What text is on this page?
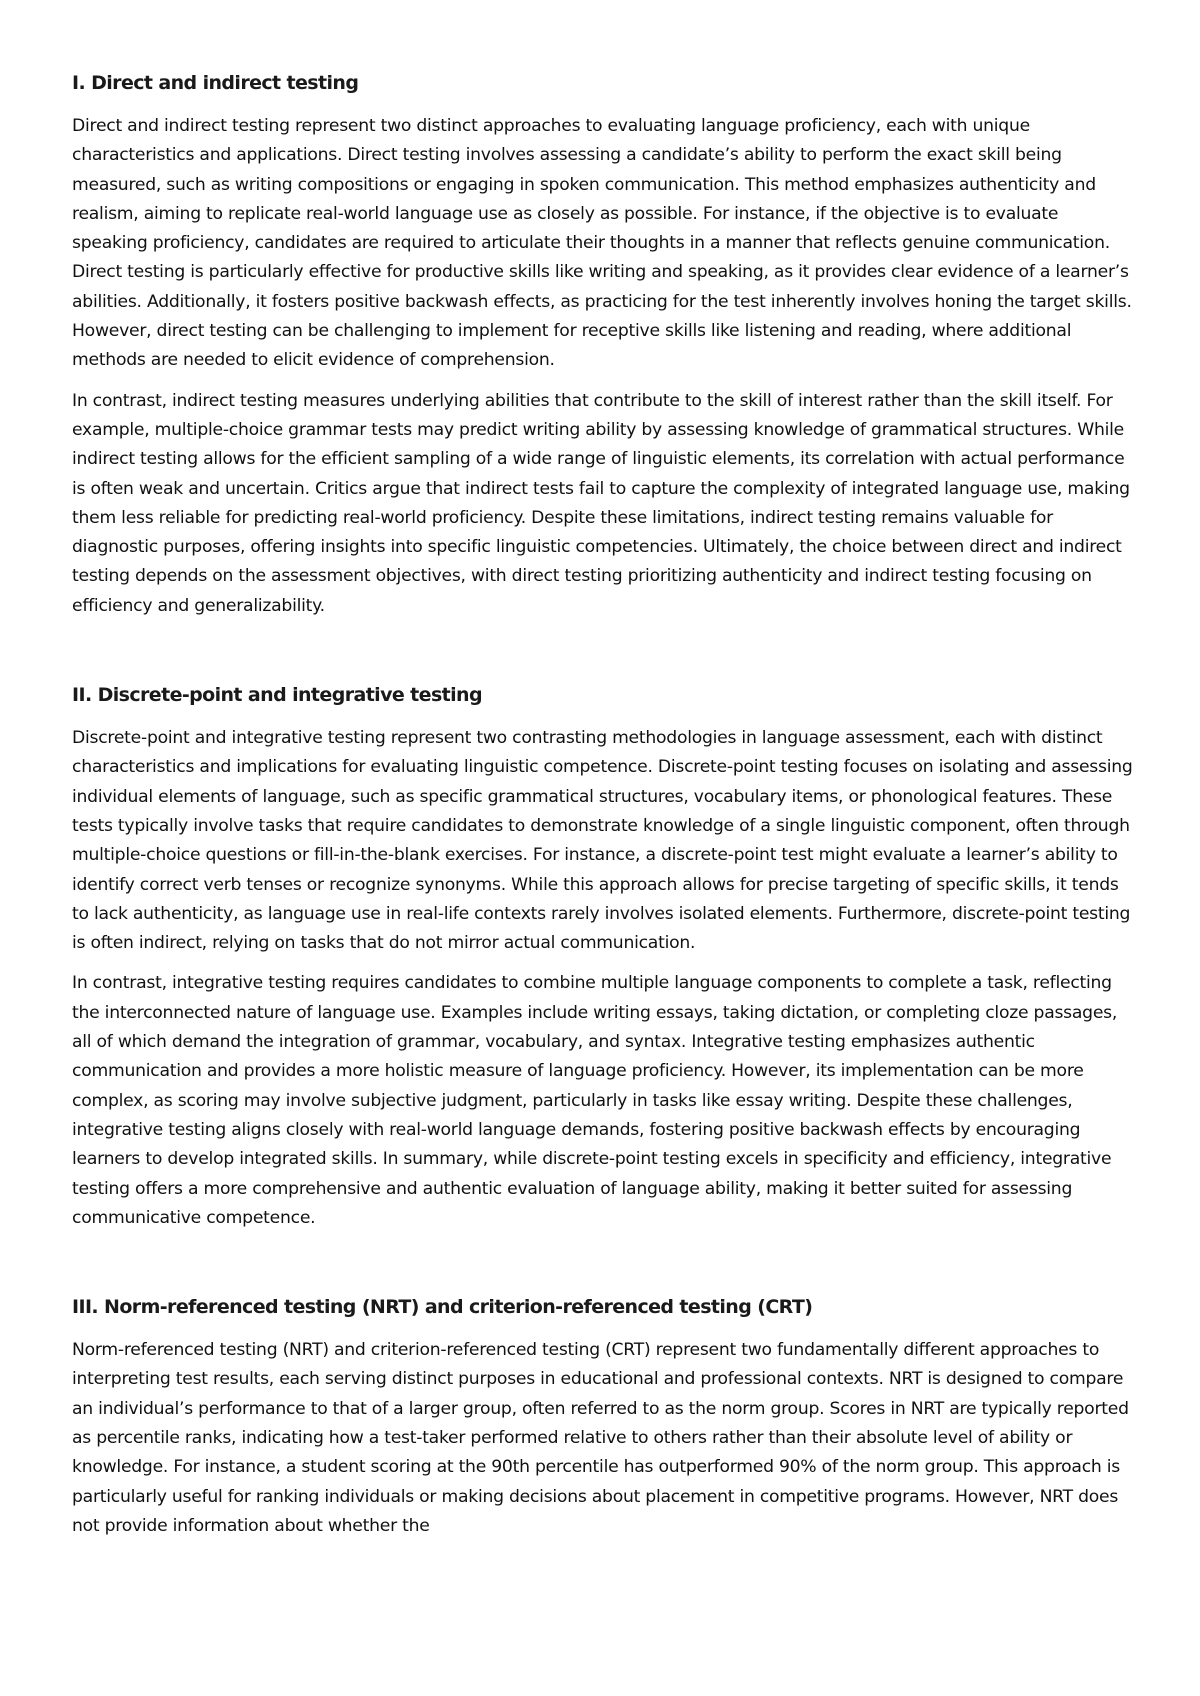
I. Direct and indirect testing

Direct and indirect testing represent two distinct approaches to evaluating language proficiency, each with unique characteristics and applications. Direct testing involves assessing a candidate’s ability to perform the exact skill being measured, such as writing compositions or engaging in spoken communication. This method emphasizes authenticity and realism, aiming to replicate real-world language use as closely as possible. For instance, if the objective is to evaluate speaking proficiency, candidates are required to articulate their thoughts in a manner that reflects genuine communication. Direct testing is particularly effective for productive skills like writing and speaking, as it provides clear evidence of a learner’s abilities. Additionally, it fosters positive backwash effects, as practicing for the test inherently involves honing the target skills. However, direct testing can be challenging to implement for receptive skills like listening and reading, where additional methods are needed to elicit evidence of comprehension.

In contrast, indirect testing measures underlying abilities that contribute to the skill of interest rather than the skill itself. For example, multiple-choice grammar tests may predict writing ability by assessing knowledge of grammatical structures. While indirect testing allows for the efficient sampling of a wide range of linguistic elements, its correlation with actual performance is often weak and uncertain. Critics argue that indirect tests fail to capture the complexity of integrated language use, making them less reliable for predicting real-world proficiency. Despite these limitations, indirect testing remains valuable for diagnostic purposes, offering insights into specific linguistic competencies. Ultimately, the choice between direct and indirect testing depends on the assessment objectives, with direct testing prioritizing authenticity and indirect testing focusing on efficiency and generalizability.

II. Discrete-point and integrative testing

Discrete-point and integrative testing represent two contrasting methodologies in language assessment, each with distinct characteristics and implications for evaluating linguistic competence. Discrete-point testing focuses on isolating and assessing individual elements of language, such as specific grammatical structures, vocabulary items, or phonological features. These tests typically involve tasks that require candidates to demonstrate knowledge of a single linguistic component, often through multiple-choice questions or fill-in-the-blank exercises. For instance, a discrete-point test might evaluate a learner’s ability to identify correct verb tenses or recognize synonyms. While this approach allows for precise targeting of specific skills, it tends to lack authenticity, as language use in real-life contexts rarely involves isolated elements. Furthermore, discrete-point testing is often indirect, relying on tasks that do not mirror actual communication.

In contrast, integrative testing requires candidates to combine multiple language components to complete a task, reflecting the interconnected nature of language use. Examples include writing essays, taking dictation, or completing cloze passages, all of which demand the integration of grammar, vocabulary, and syntax. Integrative testing emphasizes authentic communication and provides a more holistic measure of language proficiency. However, its implementation can be more complex, as scoring may involve subjective judgment, particularly in tasks like essay writing. Despite these challenges, integrative testing aligns closely with real-world language demands, fostering positive backwash effects by encouraging learners to develop integrated skills. In summary, while discrete-point testing excels in specificity and efficiency, integrative testing offers a more comprehensive and authentic evaluation of language ability, making it better suited for assessing communicative competence.

III. Norm-referenced testing (NRT) and criterion-referenced testing (CRT)

Norm-referenced testing (NRT) and criterion-referenced testing (CRT) represent two fundamentally different approaches to interpreting test results, each serving distinct purposes in educational and professional contexts. NRT is designed to compare an individual’s performance to that of a larger group, often referred to as the norm group. Scores in NRT are typically reported as percentile ranks, indicating how a test-taker performed relative to others rather than their absolute level of ability or knowledge. For instance, a student scoring at the 90th percentile has outperformed 90% of the norm group. This approach is particularly useful for ranking individuals or making decisions about placement in competitive programs. However, NRT does not provide information about whether the
